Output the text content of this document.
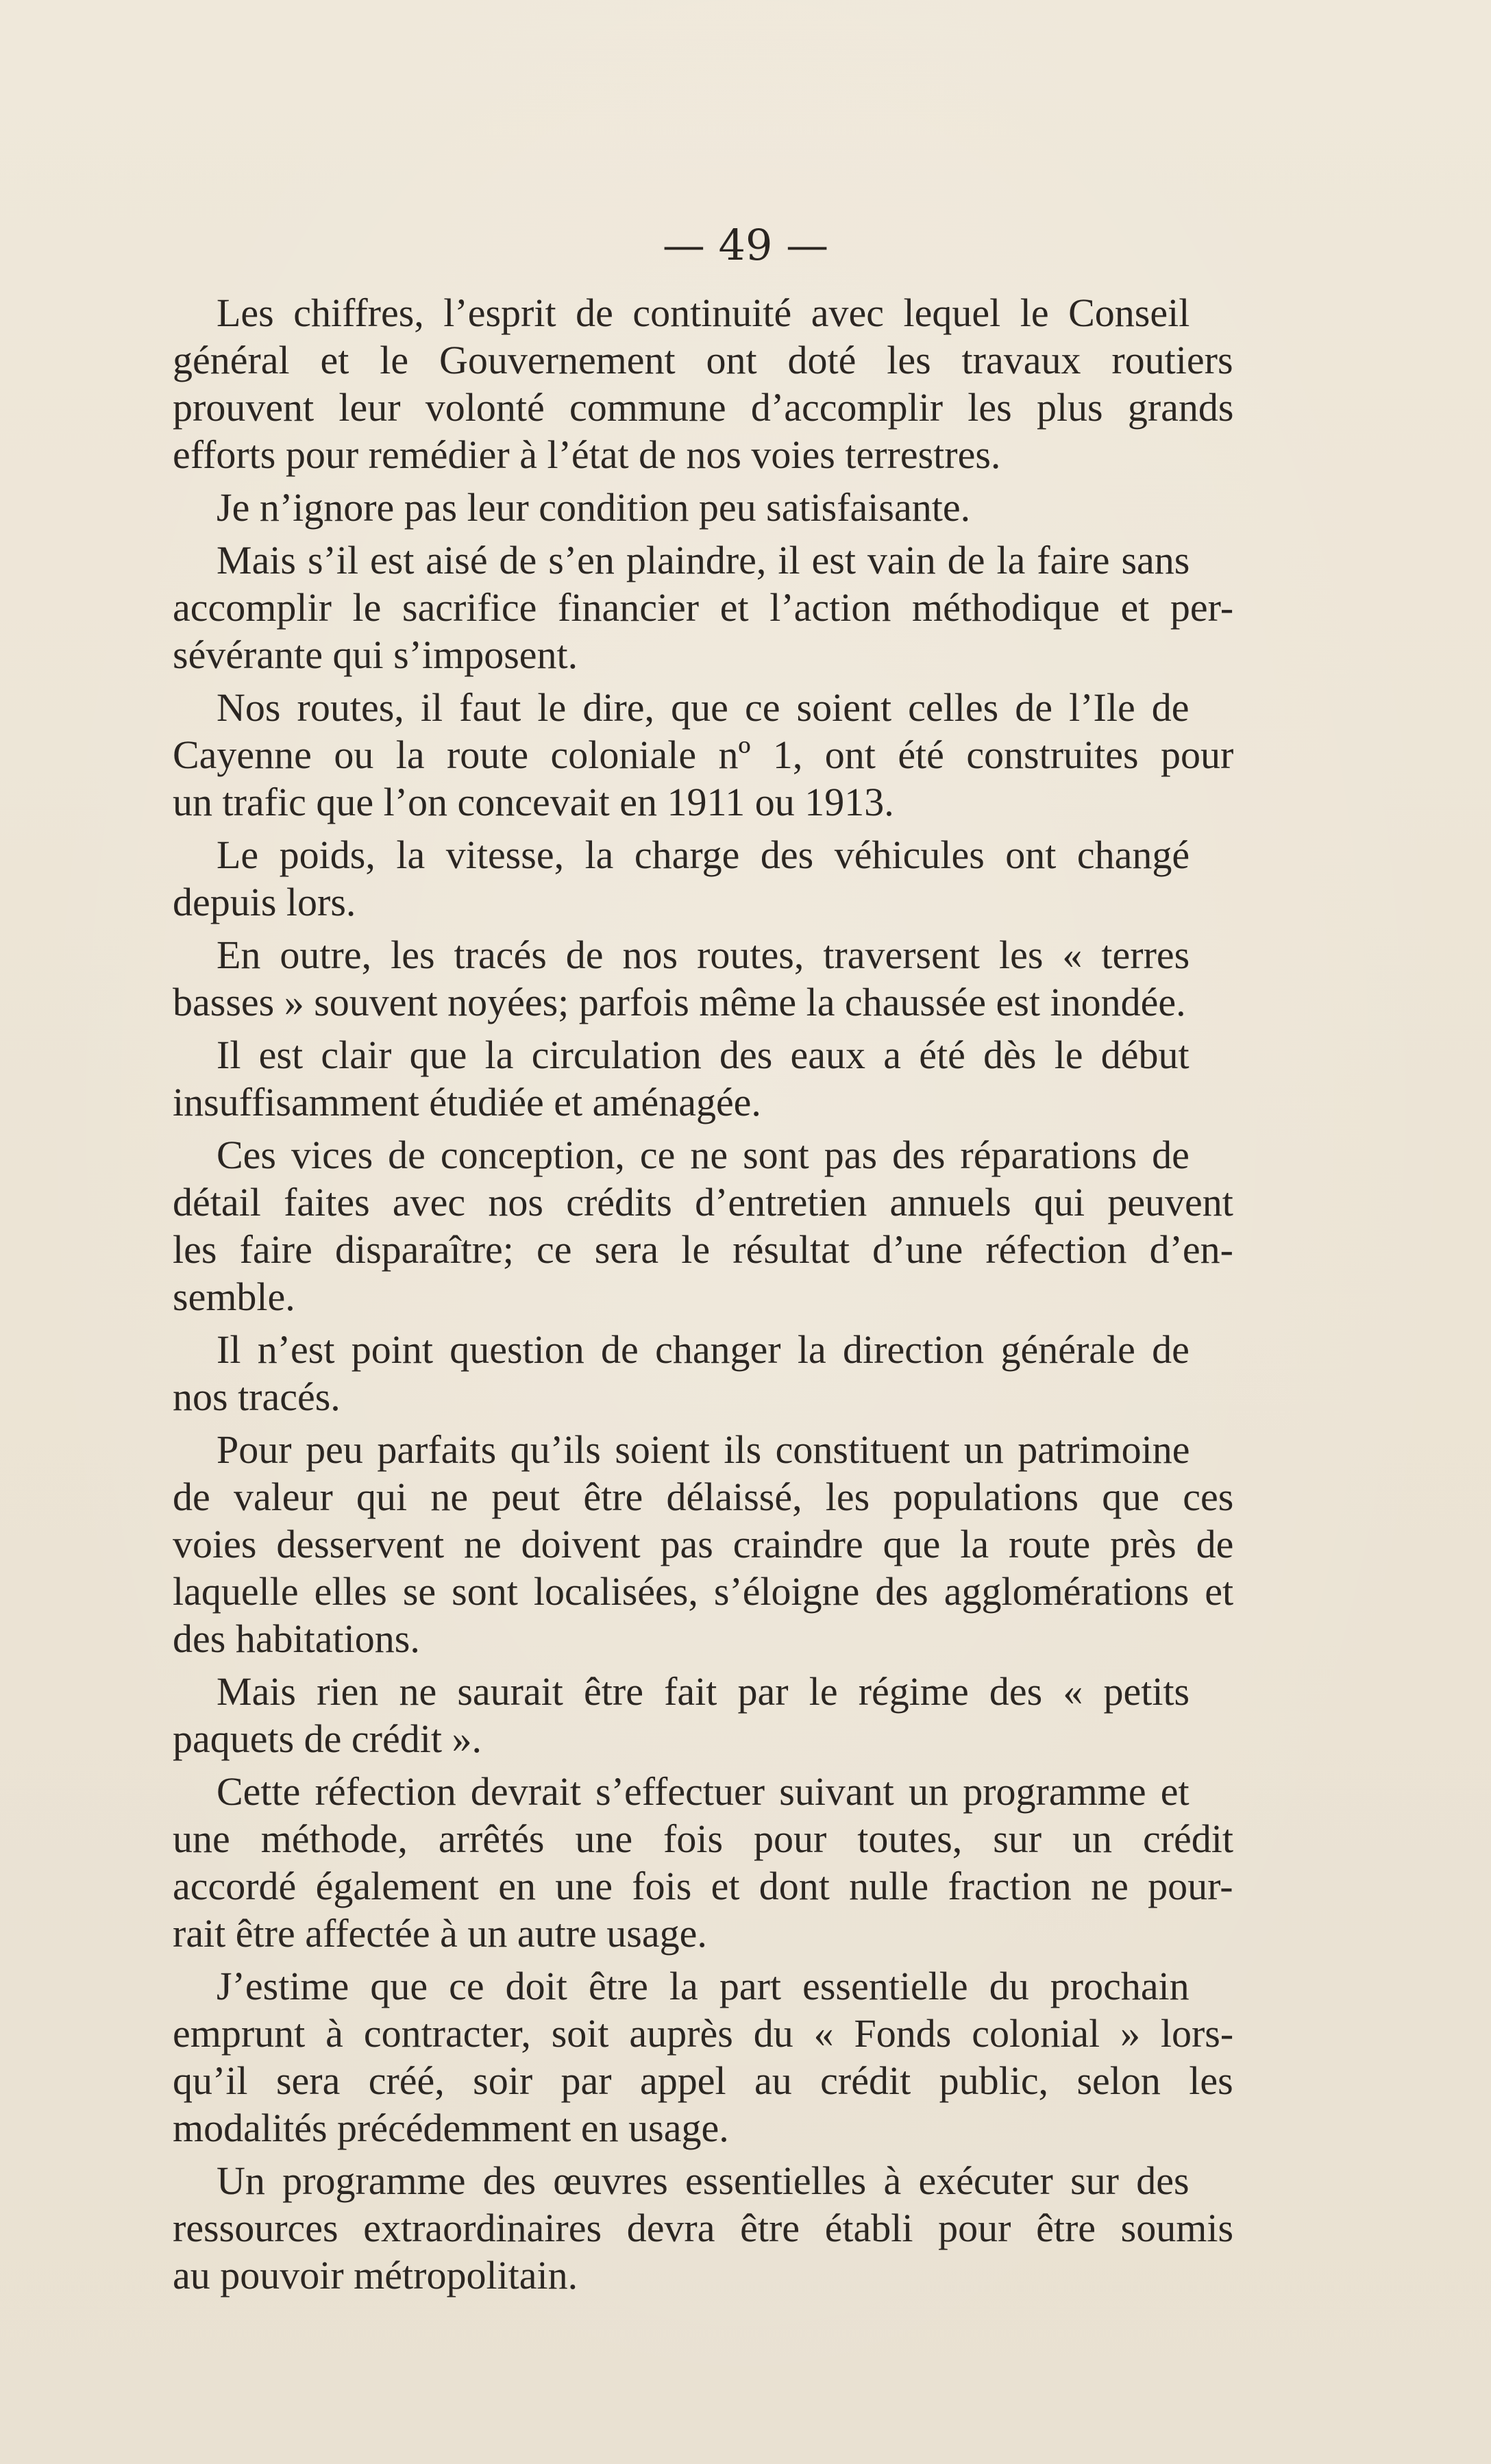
— 49 —

Les chiffres, l’esprit de continuité avec lequel le Conseil
général et le Gouvernement ont doté les travaux routiers
prouvent leur volonté commune d’accomplir les plus grands
efforts pour remédier à l’état de nos voies terrestres.

Je n’ignore pas leur condition peu satisfaisante.

Mais s’il est aisé de s’en plaindre, il est vain de la faire sans
accomplir le sacrifice financier et l’action méthodique et per-
sévérante qui s’imposent.

Nos routes, il faut le dire, que ce soient celles de l’Ile de
Cayenne ou la route coloniale nº 1, ont été construites pour
un trafic que l’on concevait en 1911 ou 1913.

Le poids, la vitesse, la charge des véhicules ont changé
depuis lors.

En outre, les tracés de nos routes, traversent les « terres
basses » souvent noyées; parfois même la chaussée est inondée.

Il est clair que la circulation des eaux a été dès le début
insuffisamment étudiée et aménagée.

Ces vices de conception, ce ne sont pas des réparations de
détail faites avec nos crédits d’entretien annuels qui peuvent
les faire disparaître; ce sera le résultat d’une réfection d’en-
semble.

Il n’est point question de changer la direction générale de
nos tracés.

Pour peu parfaits qu’ils soient ils constituent un patrimoine
de valeur qui ne peut être délaissé, les populations que ces
voies desservent ne doivent pas craindre que la route près de
laquelle elles se sont localisées, s’éloigne des agglomérations et
des habitations.

Mais rien ne saurait être fait par le régime des « petits
paquets de crédit ».

Cette réfection devrait s’effectuer suivant un programme et
une méthode, arrêtés une fois pour toutes, sur un crédit
accordé également en une fois et dont nulle fraction ne pour-
rait être affectée à un autre usage.

J’estime que ce doit être la part essentielle du prochain
emprunt à contracter, soit auprès du « Fonds colonial » lors-
qu’il sera créé, soir par appel au crédit public, selon les
modalités précédemment en usage.

Un programme des œuvres essentielles à exécuter sur des
ressources extraordinaires devra être établi pour être soumis
au pouvoir métropolitain.
